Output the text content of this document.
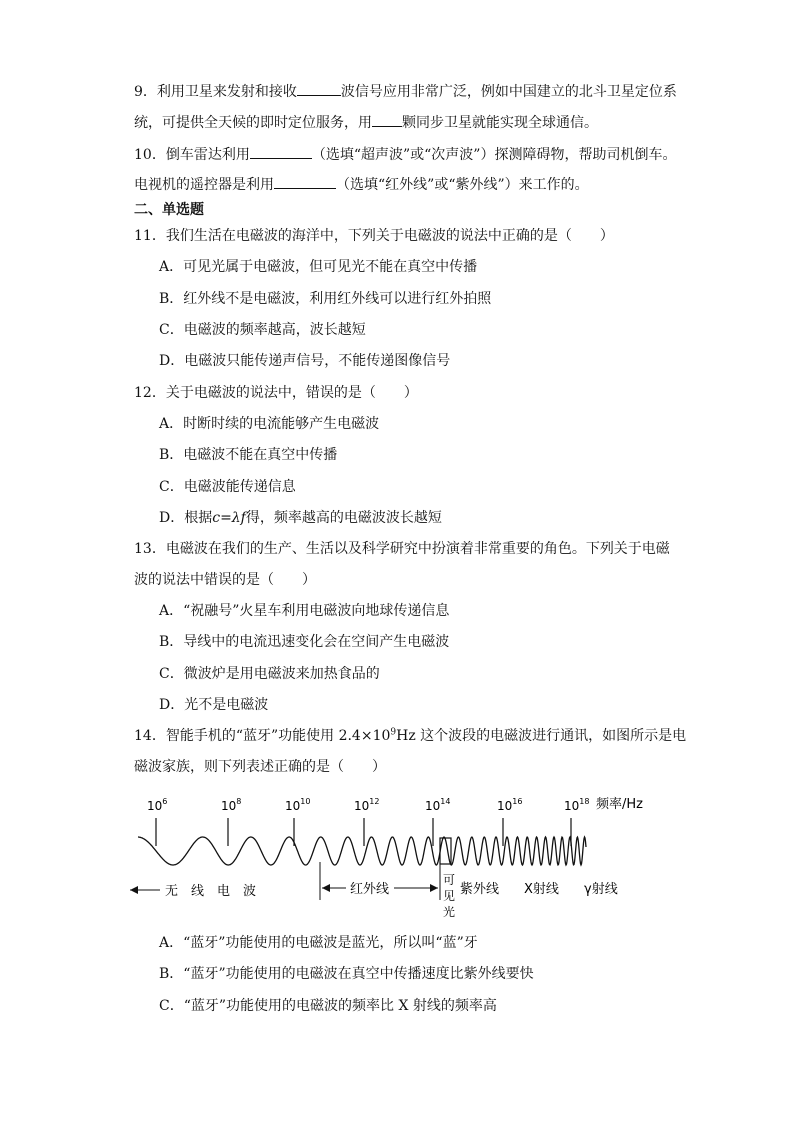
9．利用卫星来发射和接收	波信号应用非常广泛，例如中国建立的北斗卫星定位系
统，可提供全天候的即时定位服务，用 颗同步卫星就能实现全球通信。
10．倒车雷达利用	（选填“超声波”或“次声波”）探测障碍物，帮助司机倒车。
电视机的遥控器是利用	（选填“红外线”或“紫外线”）来工作的。
二、单选题
11．我们生活在电磁波的海洋中，下列关于电磁波的说法中正确的是（　　）
A．可见光属于电磁波，但可见光不能在真空中传播
B．红外线不是电磁波，利用红外线可以进行红外拍照
C．电磁波的频率越高，波长越短
D．电磁波只能传递声信号，不能传递图像信号
12．关于电磁波的说法中，错误的是（　　）
A．时断时续的电流能够产生电磁波
B．电磁波不能在真空中传播
C．电磁波能传递信息
D．根据c=λf得，频率越高的电磁波波长越短
13．电磁波在我们的生产、生活以及科学研究中扮演着非常重要的角色。下列关于电磁
波的说法中错误的是（　　）
A．“祝融号”火星车利用电磁波向地球传递信息
B．导线中的电流迅速变化会在空间产生电磁波
C．微波炉是用电磁波来加热食品的
D．光不是电磁波
14．智能手机的“蓝牙”功能使用 $2.4\times 10^9Hz$ 这个波段的电磁波进行通讯，如图所示是电
磁波家族，则下列表述正确的是（　　）
$10^6$	$10^8$	$10^{10}$	$10^{12}$	$10^{14}$	$10^{16}$	$10^{18}$ 频率/Hz
无　线　电　波	红外线
可
见
光
紫外线 X射线 γ射线
A．“蓝牙”功能使用的电磁波是蓝光，所以叫“蓝”牙
B．“蓝牙”功能使用的电磁波在真空中传播速度比紫外线要快
C．“蓝牙”功能使用的电磁波的频率比 X 射线的频率高
